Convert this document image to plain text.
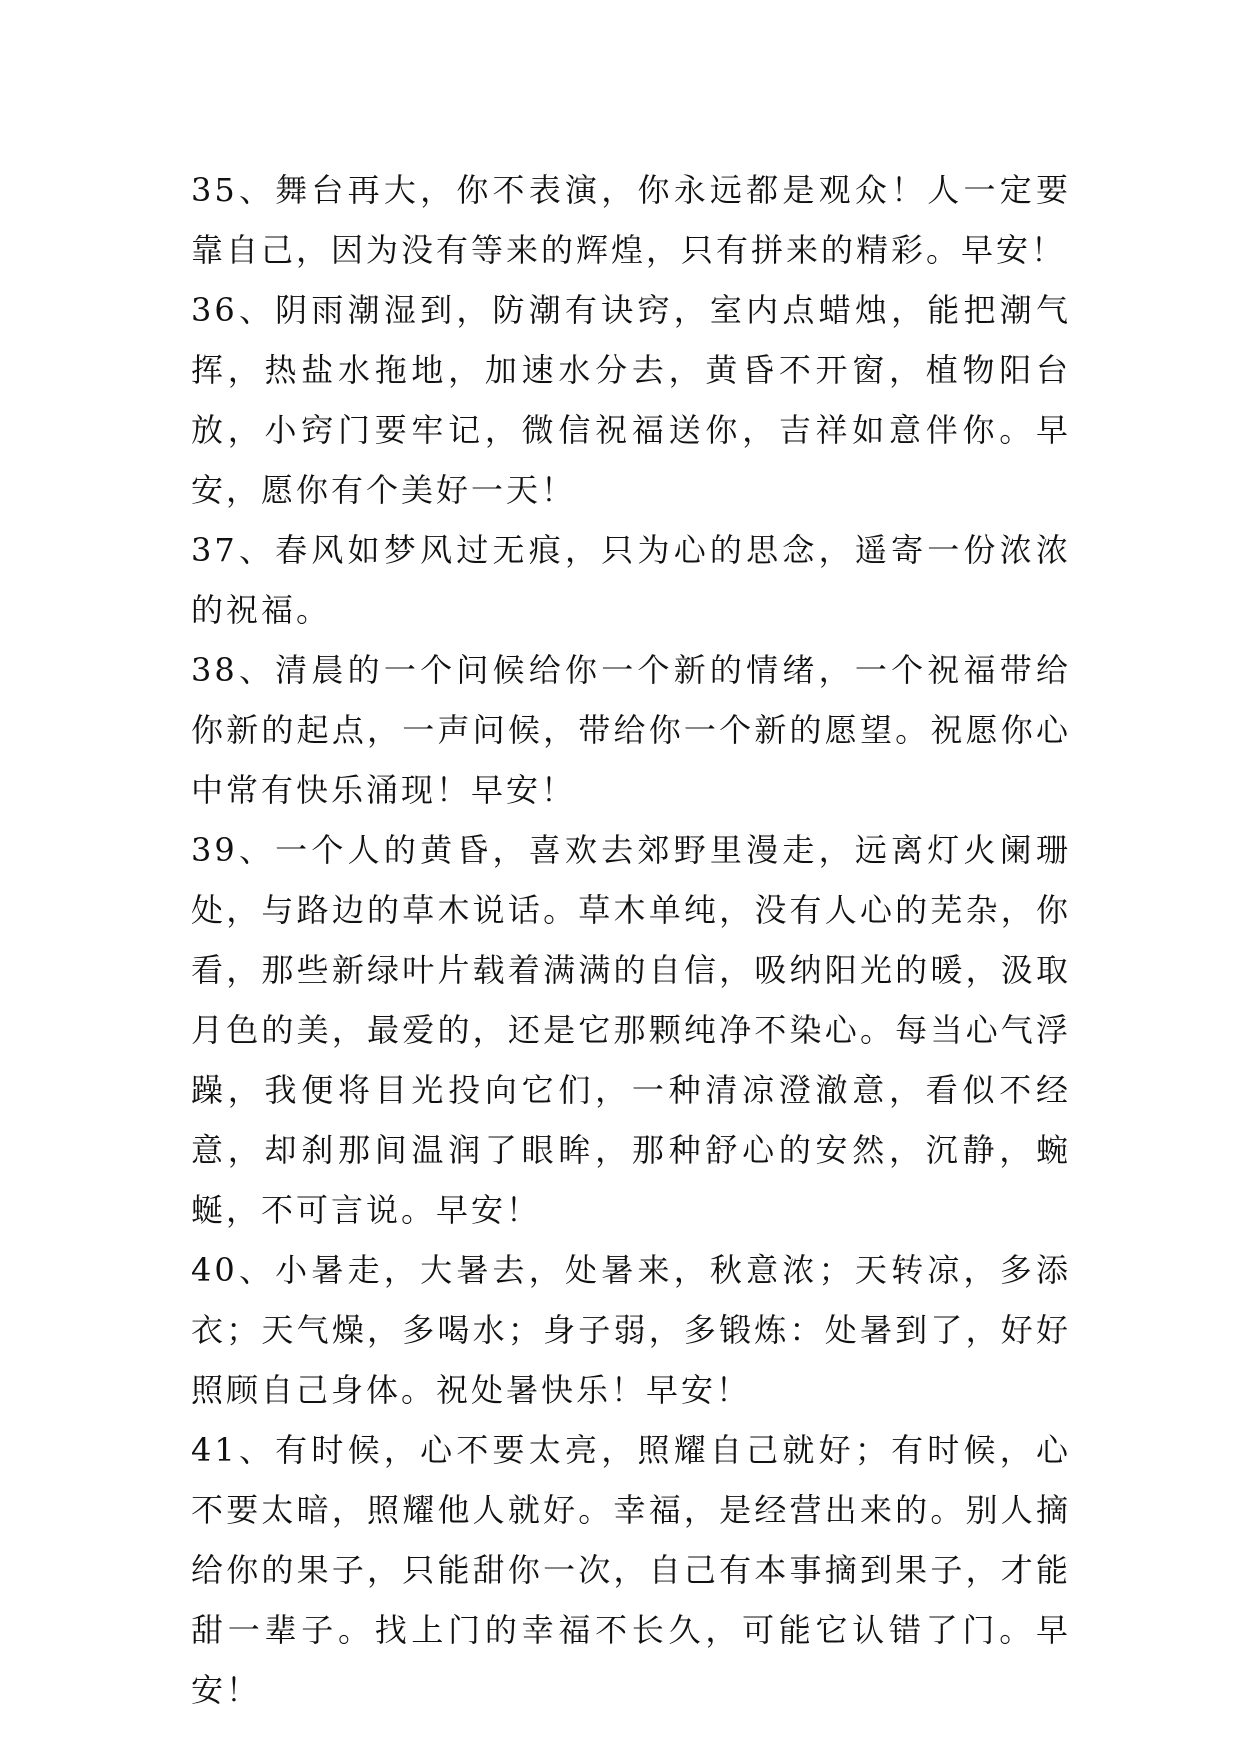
35、舞台再大，你不表演，你永远都是观众！人一定要靠自己，因为没有等来的辉煌，只有拼来的精彩。早安！

36、阴雨潮湿到，防潮有诀窍，室内点蜡烛，能把潮气挥，热盐水拖地，加速水分去，黄昏不开窗，植物阳台放，小窍门要牢记，微信祝福送你，吉祥如意伴你。早安，愿你有个美好一天！

37、春风如梦风过无痕，只为心的思念，遥寄一份浓浓的祝福。

38、清晨的一个问候给你一个新的情绪，一个祝福带给你新的起点，一声问候，带给你一个新的愿望。祝愿你心中常有快乐涌现！早安！

39、一个人的黄昏，喜欢去郊野里漫走，远离灯火阑珊处，与路边的草木说话。草木单纯，没有人心的芜杂，你看，那些新绿叶片载着满满的自信，吸纳阳光的暖，汲取月色的美，最爱的，还是它那颗纯净不染心。每当心气浮躁，我便将目光投向它们，一种清凉澄澈意，看似不经意，却刹那间温润了眼眸，那种舒心的安然，沉静，蜿蜒，不可言说。早安！

40、小暑走，大暑去，处暑来，秋意浓；天转凉，多添衣；天气燥，多喝水；身子弱，多锻炼：处暑到了，好好照顾自己身体。祝处暑快乐！早安！

41、有时候，心不要太亮，照耀自己就好；有时候，心不要太暗，照耀他人就好。幸福，是经营出来的。别人摘给你的果子，只能甜你一次，自己有本事摘到果子，才能甜一辈子。找上门的幸福不长久，可能它认错了门。早安！
